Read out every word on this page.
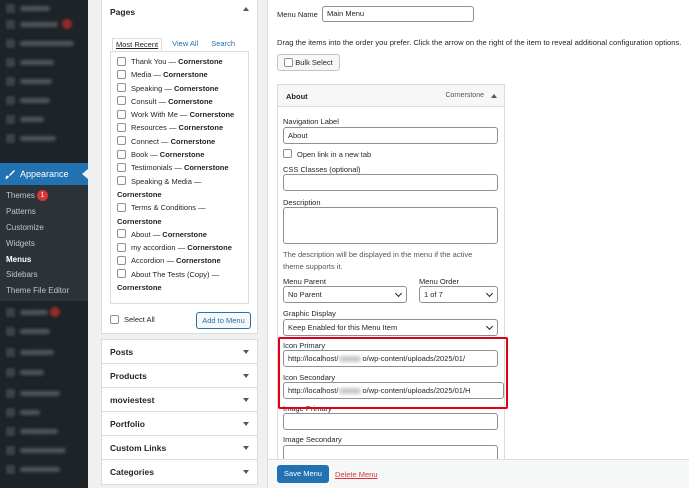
Appearance
Themes 1
Patterns
Customize
Widgets
Menus
Sidebars
Theme File Editor
Pages
Most Recent	View All	Search
Thank You — Cornerstone
Media — Cornerstone
Speaking — Cornerstone
Consult — Cornerstone
Work With Me — Cornerstone
Resources — Cornerstone
Connect — Cornerstone
Book — Cornerstone
Testimonials — Cornerstone
Speaking & Media —
Cornerstone
Terms & Conditions —
Cornerstone
About — Cornerstone
my accordion — Cornerstone
Accordion — Cornerstone
About The Tests (Copy) —
Cornerstone
Select All	Add to Menu
Posts
Products
moviestest
Portfolio
Custom Links
Categories
Menu Name	Main Menu
Drag the items into the order you prefer. Click the arrow on the right of the item to reveal additional configuration options.
Bulk Select
About	Cornerstone
Navigation Label
About
Open link in a new tab
CSS Classes (optional)
Description
The description will be displayed in the menu if the active theme supports it.
Menu Parent
No Parent
Menu Order
1 of 7
Graphic Display
Keep Enabled for this Menu Item
Icon Primary
http://localhost/	o/wp-content/uploads/2025/01/
Icon Secondary
http://localhost/	o/wp-content/uploads/2025/01/H
Image Primary
Image Secondary
Save Menu	Delete Menu
